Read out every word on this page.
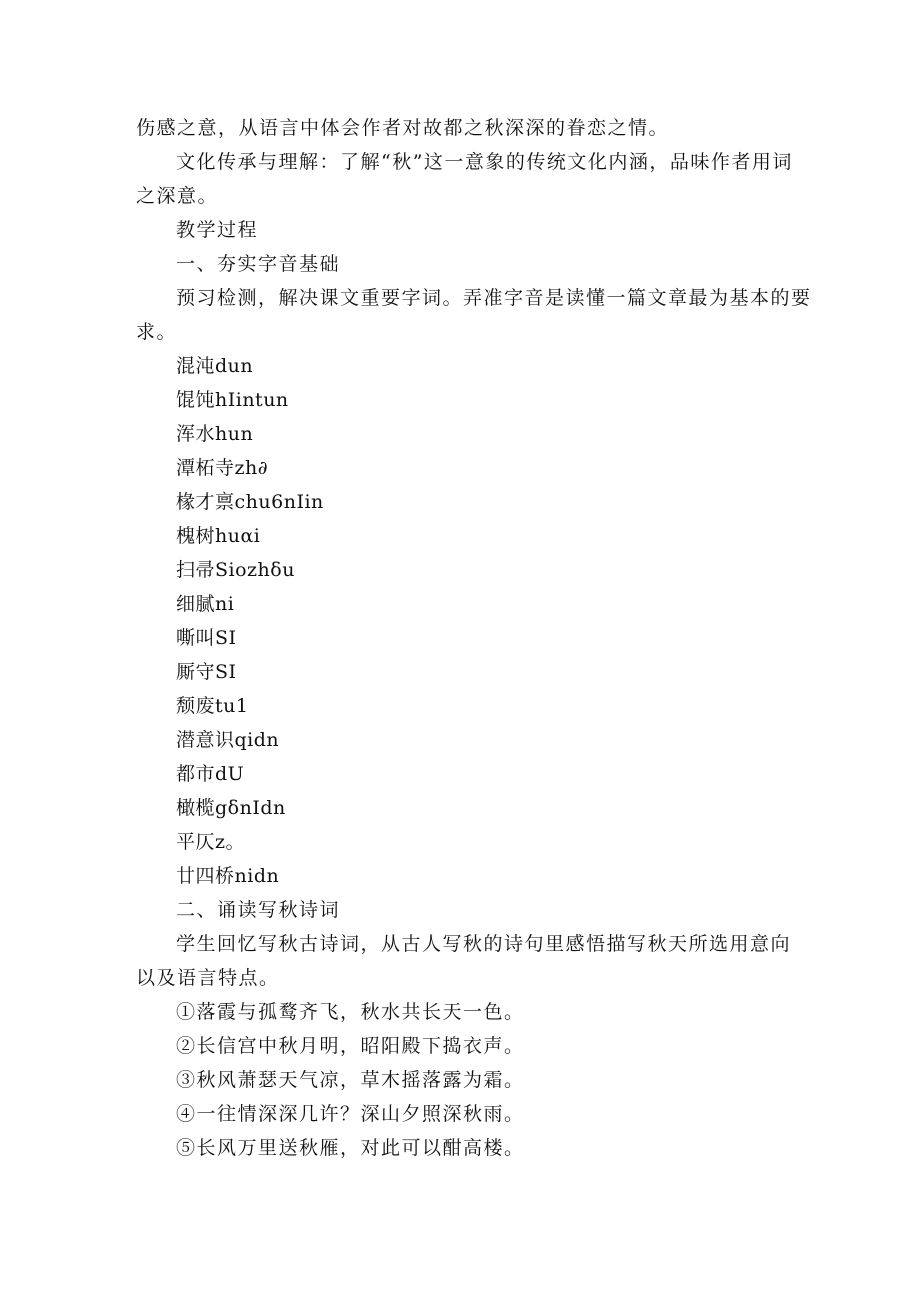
伤感之意，从语言中体会作者对故都之秋深深的眷恋之情。
文化传承与理解：了解“秋”这一意象的传统文化内涵，品味作者用词
之深意。
教学过程
一、夯实字音基础
预习检测，解决课文重要字词。弄准字音是读懂一篇文章最为基本的要
求。
混沌dun
馄饨hIintun
浑水hun
潭柘寺zh∂
椽才禀chu6nIin
槐树huαi
扫帚Siozhδu
细腻ni
嘶叫SI
厮守SI
颓废tu1
潜意识qidn
都市dU
橄榄gδnIdn
平仄z。
廿四桥nidn
二、诵读写秋诗词
学生回忆写秋古诗词，从古人写秋的诗句里感悟描写秋天所选用意向
以及语言特点。
①落霞与孤鹜齐飞，秋水共长天一色。
②长信宫中秋月明，昭阳殿下捣衣声。
③秋风萧瑟天气凉，草木摇落露为霜。
④一往情深深几许？深山夕照深秋雨。
⑤长风万里送秋雁，对此可以酣高楼。
